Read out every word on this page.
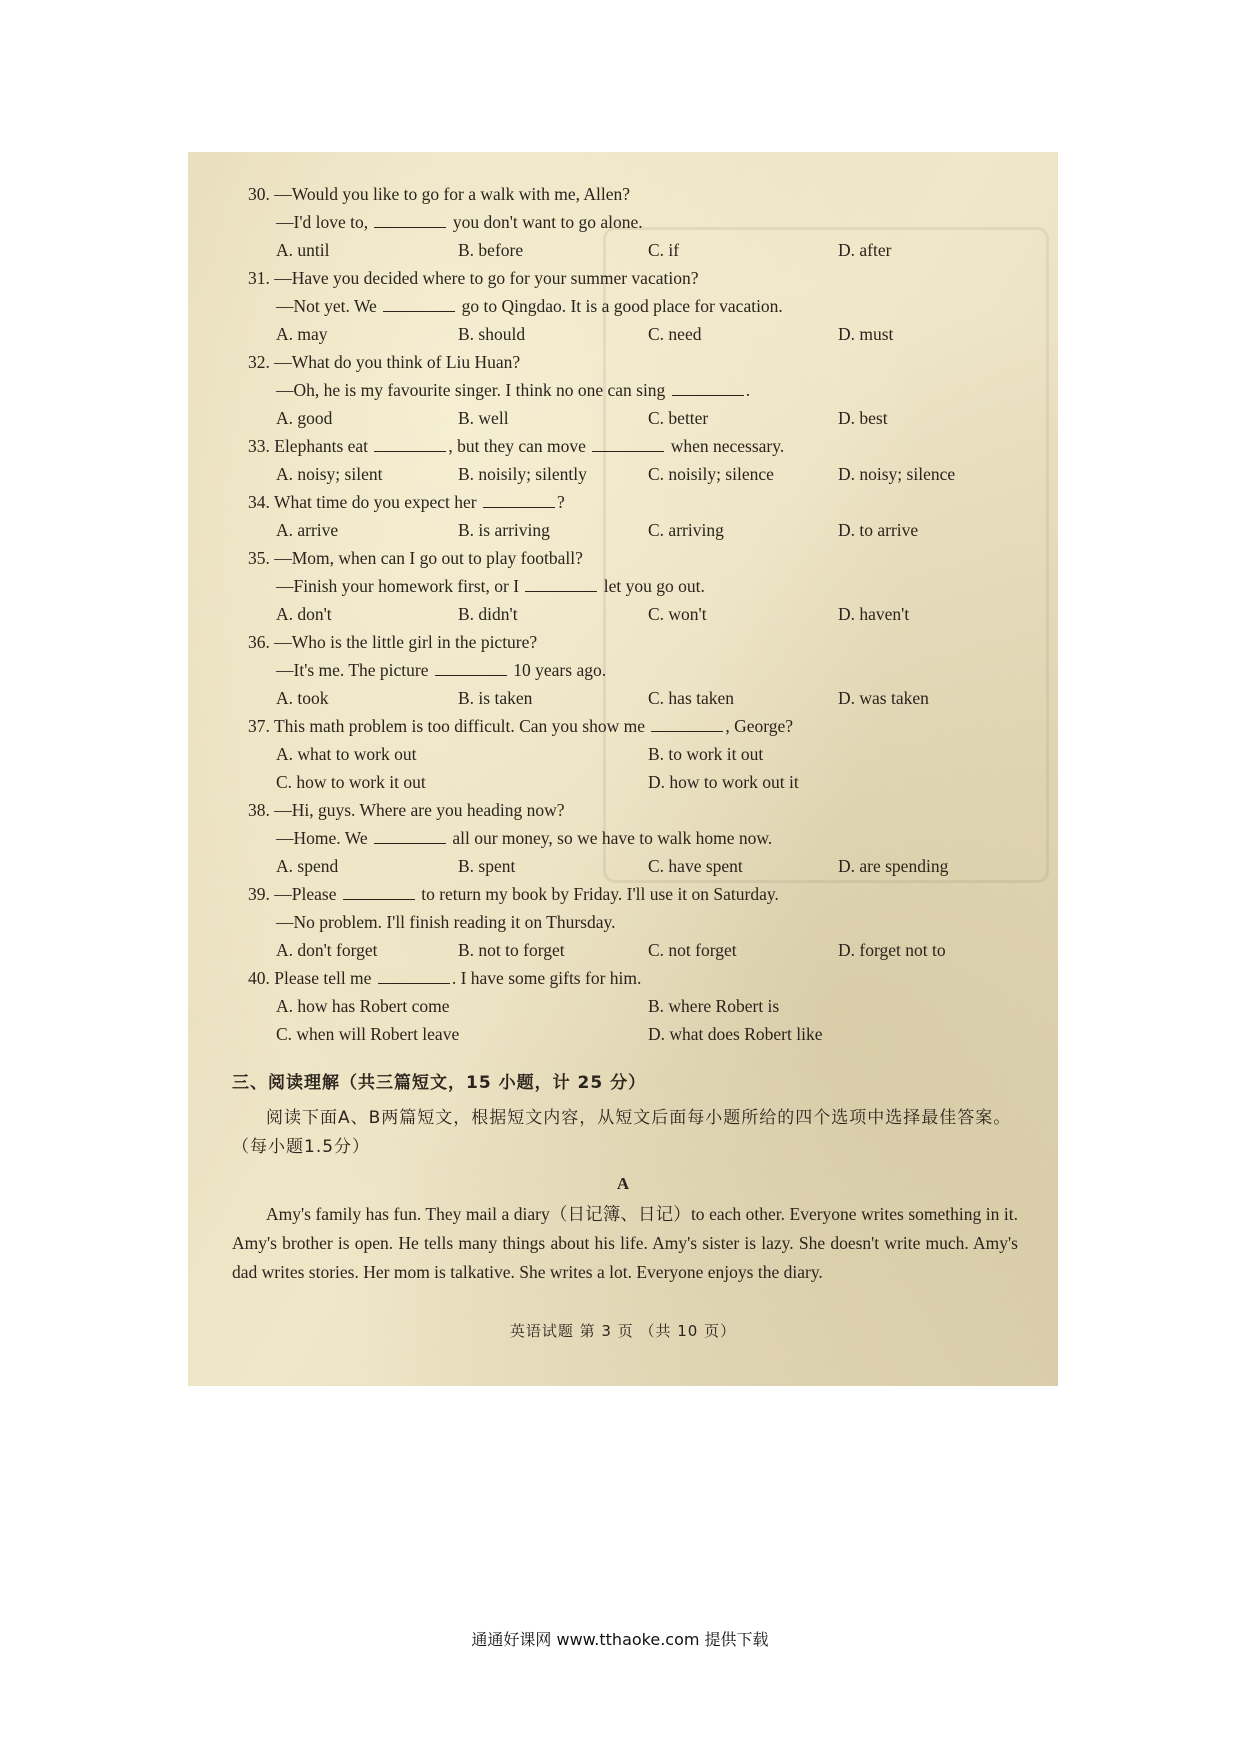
30. —Would you like to go for a walk with me, Allen?
—I'd love to,	you don't want to go alone.
A. until	B. before	C. if	D. after
31. —Have you decided where to go for your summer vacation?
—Not yet. We	go to Qingdao. It is a good place for vacation.
A. may	B. should	C. need	D. must
32. —What do you think of Liu Huan?
—Oh, he is my favourite singer. I think no one can sing	.
A. good	B. well	C. better	D. best
33. Elephants eat	, but they can move	when necessary.
A. noisy; silent	B. noisily; silently	C. noisily; silence	D. noisy; silence
34. What time do you expect her	?
A. arrive	B. is arriving	C. arriving	D. to arrive
35. —Mom, when can I go out to play football?
—Finish your homework first, or I	let you go out.
A. don't	B. didn't	C. won't	D. haven't
36. —Who is the little girl in the picture?
—It's me. The picture	10 years ago.
A. took	B. is taken	C. has taken	D. was taken
37. This math problem is too difficult. Can you show me	, George?
A. what to work out	B. to work it out
C. how to work it out	D. how to work out it
38. —Hi, guys. Where are you heading now?
—Home. We	all our money, so we have to walk home now.
A. spend	B. spent	C. have spent	D. are spending
39. —Please	to return my book by Friday. I'll use it on Saturday.
—No problem. I'll finish reading it on Thursday.
A. don't forget	B. not to forget	C. not forget	D. forget not to
40. Please tell me	. I have some gifts for him.
A. how has Robert come	B. where Robert is
C. when will Robert leave	D. what does Robert like
三、阅读理解（共三篇短文，15 小题，计 25 分）
阅读下面A、B两篇短文，根据短文内容，从短文后面每小题所给的四个选项中选择最佳答案。（每小题1.5分）
A
Amy's family has fun. They mail a diary（日记簿、日记）to each other. Everyone writes something in it. Amy's brother is open. He tells many things about his life. Amy's sister is lazy. She doesn't write much. Amy's dad writes stories. Her mom is talkative. She writes a lot. Everyone enjoys the diary.
英语试题 第 3 页 （共 10 页）
通通好课网 www.tthaoke.com 提供下载
